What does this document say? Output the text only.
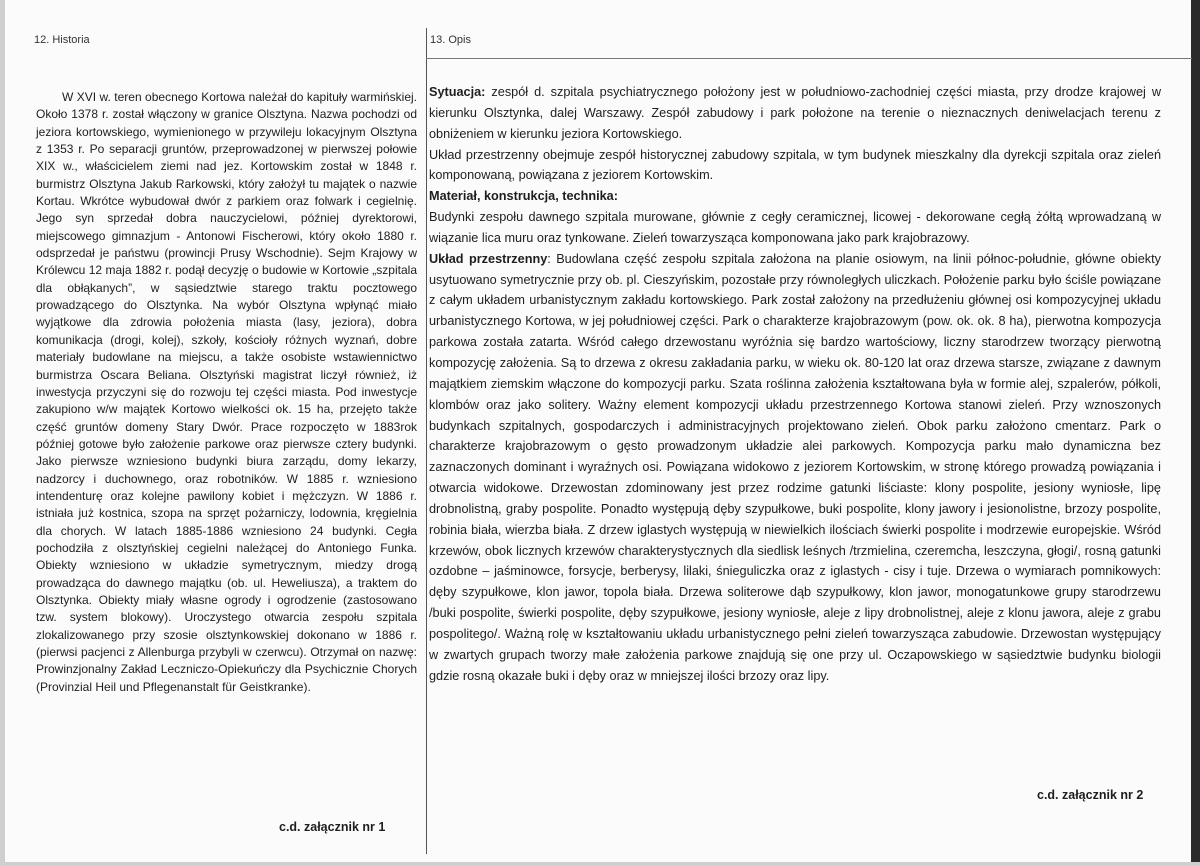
12. Historia	13. Opis
W XVI w. teren obecnego Kortowa należał do kapituły warmińskiej. Około 1378 r. został włączony w granice Olsztyna. Nazwa pochodzi od jeziora kortowskiego, wymienionego w przywileju lokacyjnym Olsztyna z 1353 r. Po separacji gruntów, przeprowadzonej w pierwszej połowie XIX w., właścicielem ziemi nad jez. Kortowskim został w 1848 r. burmistrz Olsztyna Jakub Rarkowski, który założył tu majątek o nazwie Kortau. Wkrótce wybudował dwór z parkiem oraz folwark i cegielnię. Jego syn sprzedał dobra nauczycielowi, później dyrektorowi, miejscowego gimnazjum - Antonowi Fischerowi, który około 1880 r. odsprzedał je państwu (prowincji Prusy Wschodnie). Sejm Krajowy w Królewcu 12 maja 1882 r. podął decyzję o budowie w Kortowie „szpitala dla obłąkanych”, w sąsiedztwie starego traktu pocztowego prowadzącego do Olsztynka. Na wybór Olsztyna wpłynąć miało wyjątkowe dla zdrowia położenia miasta (lasy, jeziora), dobra komunikacja (drogi, kolej), szkoły, kościoły różnych wyznań, dobre materiały budowlane na miejscu, a także osobiste wstawiennictwo burmistrza Oscara Beliana. Olsztyński magistrat liczył również, iż inwestycja przyczyni się do rozwoju tej części miasta. Pod inwestycje zakupiono w/w majątek Kortowo wielkości ok. 15 ha, przejęto także część gruntów domeny Stary Dwór. Prace rozpoczęto w 1883rok później gotowe było założenie parkowe oraz pierwsze cztery budynki. Jako pierwsze wzniesiono budynki biura zarządu, domy lekarzy, nadzorcy i duchownego, oraz robotników. W 1885 r. wzniesiono intendenturę oraz kolejne pawilony kobiet i mężczyzn. W 1886 r. istniała już kostnica, szopa na sprzęt pożarniczy, lodownia, kręgielnia dla chorych. W latach 1885-1886 wzniesiono 24 budynki. Cegła pochodziła z olsztyńskiej cegielni należącej do Antoniego Funka. Obiekty wzniesiono w układzie symetrycznym, miedzy drogą prowadząca do dawnego majątku (ob. ul. Heweliusza), a traktem do Olsztynka. Obiekty miały własne ogrody i ogrodzenie (zastosowano tzw. system blokowy). Uroczystego otwarcia zespołu szpitala zlokalizowanego przy szosie olsztynkowskiej dokonano w 1886 r. (pierwsi pacjenci z Allenburga przybyli w czerwcu). Otrzymał on nazwę: Prowinzjonalny Zakład Leczniczo-Opiekuńczy dla Psychicznie Chorych (Provinzial Heil und Pflegenanstalt für Geistkranke).
c.d. załącznik nr 1

Sytuacja: zespół d. szpitala psychiatrycznego położony jest w południowo-zachodniej części miasta, przy drodze krajowej w kierunku Olsztynka, dalej Warszawy. Zespół zabudowy i park położone na terenie o nieznacznych deniwelacjach terenu z obniżeniem w kierunku jeziora Kortowskiego.

Układ przestrzenny obejmuje zespół historycznej zabudowy szpitala, w tym budynek mieszkalny dla dyrekcji szpitala oraz zieleń komponowaną, powiązana z jeziorem Kortowskim.

Materiał, konstrukcja, technika:

Budynki zespołu dawnego szpitala murowane, głównie z cegły ceramicznej, licowej - dekorowane cegłą żółtą wprowadzaną w wiązanie lica muru oraz tynkowane. Zieleń towarzysząca komponowana jako park krajobrazowy.

Układ przestrzenny: Budowlana część zespołu szpitala założona na planie osiowym, na linii północ-południe, główne obiekty usytuowano symetrycznie przy ob. pl. Cieszyńskim, pozostałe przy równoległych uliczkach. Położenie parku było ściśle powiązane z całym układem urbanistycznym zakładu kortowskiego. Park został założony na przedłużeniu głównej osi kompozycyjnej układu urbanistycznego Kortowa, w jej południowej części. Park o charakterze krajobrazowym (pow. ok. ok. 8 ha), pierwotna kompozycja parkowa została zatarta. Wśród całego drzewostanu wyróżnia się bardzo wartościowy, liczny starodrzew tworzący pierwotną kompozycję założenia. Są to drzewa z okresu zakładania parku, w wieku ok. 80-120 lat oraz drzewa starsze, związane z dawnym majątkiem ziemskim włączone do kompozycji parku. Szata roślinna założenia kształtowana była w formie alej, szpalerów, półkoli, klombów oraz jako solitery. Ważny element kompozycji układu przestrzennego Kortowa stanowi zieleń. Przy wznoszonych budynkach szpitalnych, gospodarczych i administracyjnych projektowano zieleń. Obok parku założono cmentarz. Park o charakterze krajobrazowym o gęsto prowadzonym układzie alei parkowych. Kompozycja parku mało dynamiczna bez zaznaczonych dominant i wyraźnych osi. Powiązana widokowo z jeziorem Kortowskim, w stronę którego prowadzą powiązania i otwarcia widokowe. Drzewostan zdominowany jest przez rodzime gatunki liściaste: klony pospolite, jesiony wyniosłe, lipę drobnolistną, graby pospolite. Ponadto występują dęby szypułkowe, buki pospolite, klony jawory i jesionolistne, brzozy pospolite, robinia biała, wierzba biała. Z drzew iglastych występują w niewielkich ilościach świerki pospolite i modrzewie europejskie. Wśród krzewów, obok licznych krzewów charakterystycznych dla siedlisk leśnych /trzmielina, czeremcha, leszczyna, głogi/, rosną gatunki ozdobne – jaśminowce, forsycje, berberysy, lilaki, śnieguliczka oraz z iglastych - cisy i tuje. Drzewa o wymiarach pomnikowych: dęby szypułkowe, klon jawor, topola biała. Drzewa soliterowe dąb szypułkowy, klon jawor, monogatunkowe grupy starodrzewu /buki pospolite, świerki pospolite, dęby szypułkowe, jesiony wyniosłe, aleje z lipy drobnolistnej, aleje z klonu jawora, aleje z grabu pospolitego/. Ważną rolę w kształtowaniu układu urbanistycznego pełni zieleń towarzysząca zabudowie. Drzewostan występujący w zwartych grupach tworzy małe założenia parkowe znajdują się one przy ul. Oczapowskiego w sąsiedztwie budynku biologii gdzie rosną okazałe buki i dęby oraz w mniejszej ilości brzozy oraz lipy.

c.d. załącznik nr 2
